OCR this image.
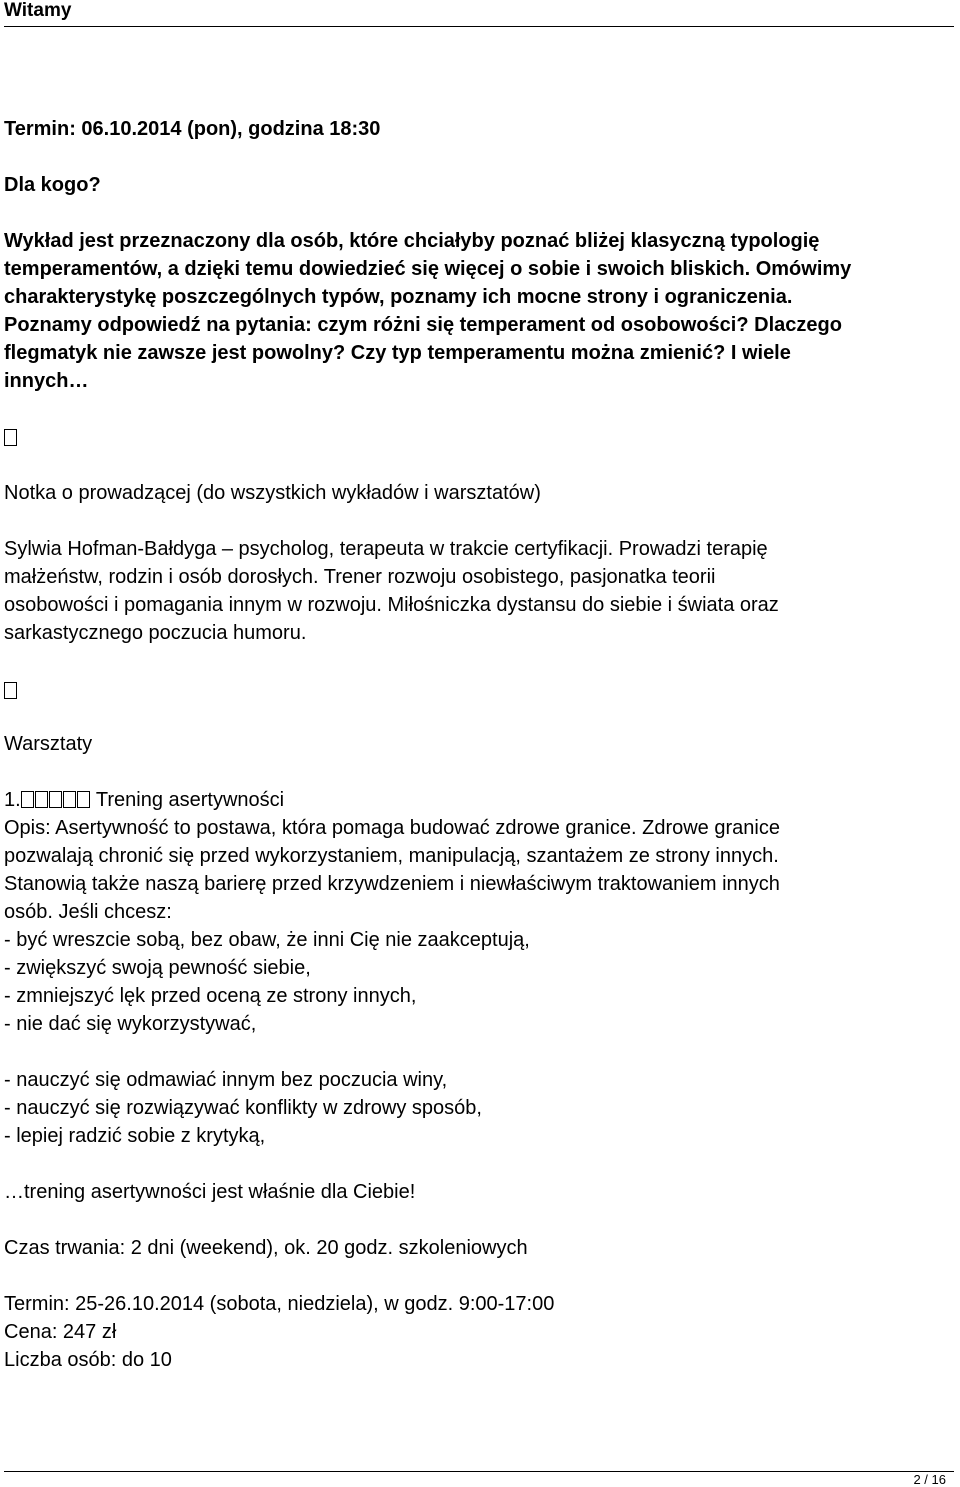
Witamy
Termin: 06.10.2014 (pon), godzina 18:30
Dla kogo?
Wykład jest przeznaczony dla osób, które chciałyby poznać bliżej klasyczną typologię
temperamentów, a dzięki temu dowiedzieć się więcej o sobie i swoich bliskich. Omówimy
charakterystykę poszczególnych typów, poznamy ich mocne strony i ograniczenia.
Poznamy odpowiedź na pytania: czym różni się temperament od osobowości? Dlaczego
flegmatyk nie zawsze jest powolny? Czy typ temperamentu można zmienić? I wiele
innych…
Notka o prowadzącej (do wszystkich wykładów i warsztatów)
Sylwia Hofman-Bałdyga – psycholog, terapeuta w trakcie certyfikacji. Prowadzi terapię
małżeństw, rodzin i osób dorosłych. Trener rozwoju osobistego, pasjonatka teorii
osobowości i pomagania innym w rozwoju. Miłośniczka dystansu do siebie i świata oraz
sarkastycznego poczucia humoru.
Warsztaty
1.	Trening asertywności
Opis: Asertywność to postawa, która pomaga budować zdrowe granice. Zdrowe granice
pozwalają chronić się przed wykorzystaniem, manipulacją, szantażem ze strony innych.
Stanowią także naszą barierę przed krzywdzeniem i niewłaściwym traktowaniem innych
osób. Jeśli chcesz:
- być wreszcie sobą, bez obaw, że inni Cię nie zaakceptują,
- zwiększyć swoją pewność siebie,
- zmniejszyć lęk przed oceną ze strony innych,
- nie dać się wykorzystywać,
- nauczyć się odmawiać innym bez poczucia winy,
- nauczyć się rozwiązywać konflikty w zdrowy sposób,
- lepiej radzić sobie z krytyką,
…trening asertywności jest właśnie dla Ciebie!
Czas trwania: 2 dni (weekend), ok. 20 godz. szkoleniowych
Termin: 25-26.10.2014 (sobota, niedziela), w godz. 9:00-17:00
Cena: 247 zł
Liczba osób: do 10
2 / 16
